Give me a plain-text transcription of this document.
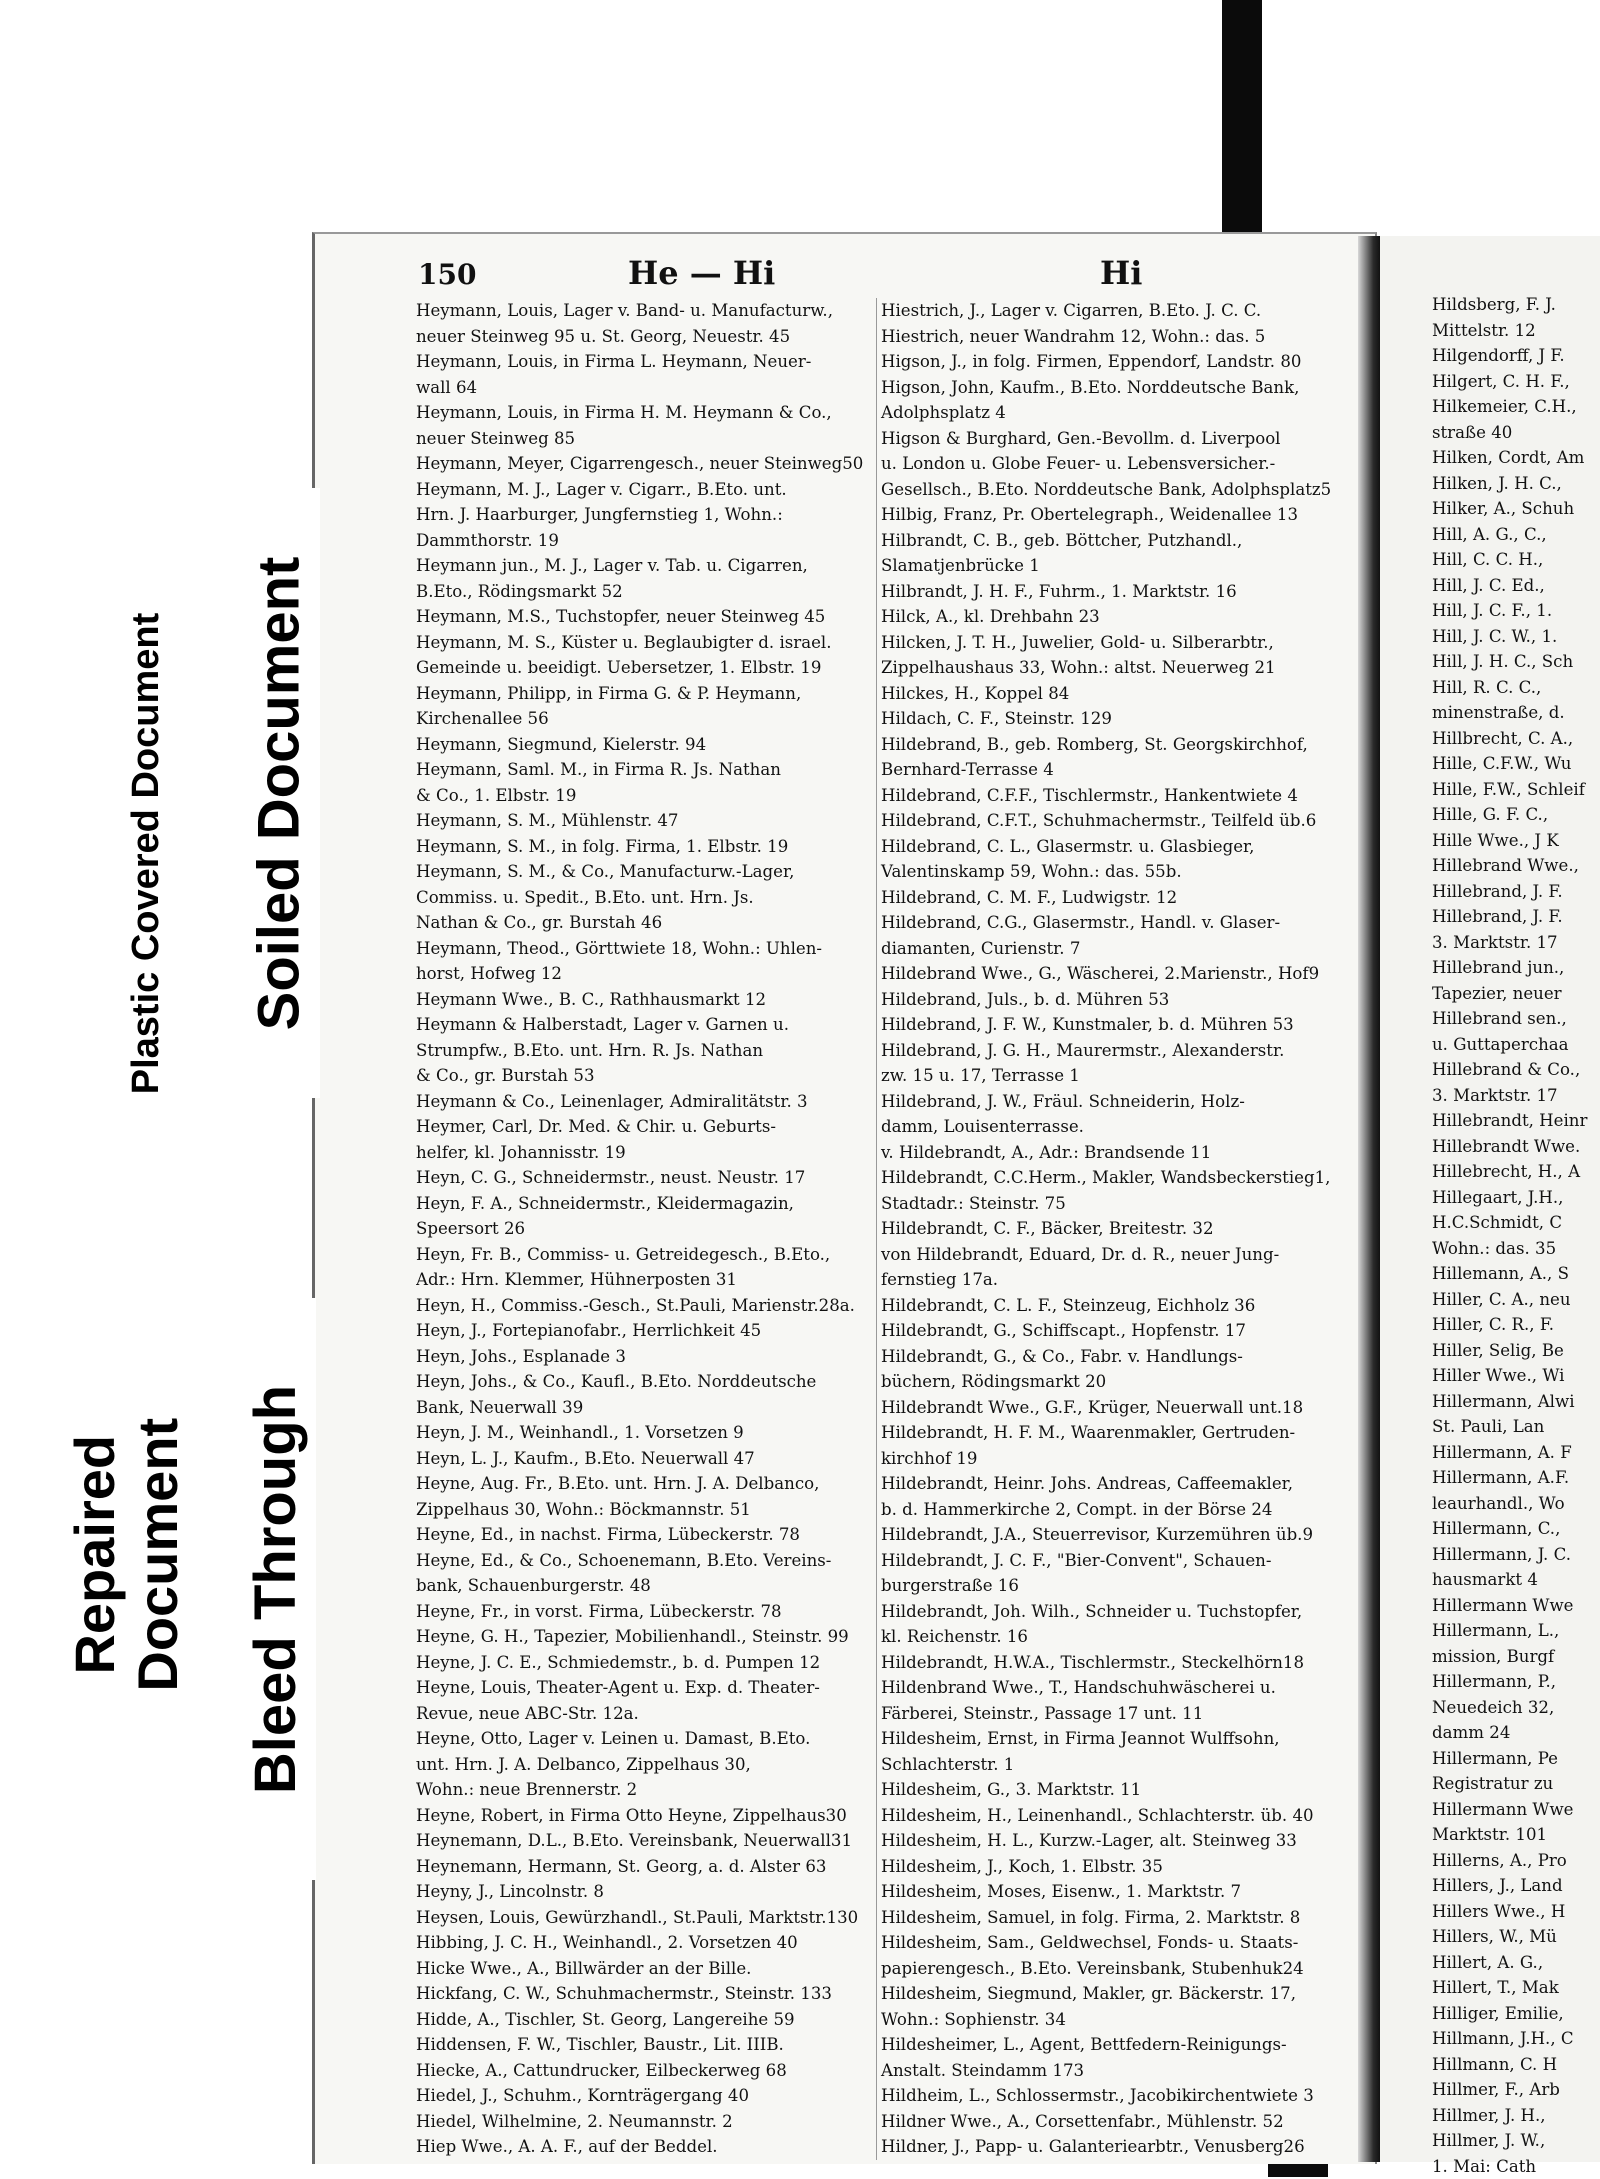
Plastic Covered Document Soiled Document
Repaired
Document Bleed Through
150	He — Hi	Hi
Heymann, Louis, Lager v. Band- u. Manufacturw.,
neuer Steinweg 95 u. St. Georg, Neuestr. 45
Heymann, Louis, in Firma L. Heymann, Neuer-
wall 64
Heymann, Louis, in Firma H. M. Heymann & Co.,
neuer Steinweg 85
Heymann, Meyer, Cigarrengesch., neuer Steinweg50
Heymann, M. J., Lager v. Cigarr., B.Eto. unt.
Hrn. J. Haarburger, Jungfernstieg 1, Wohn.:
Dammthorstr. 19
Heymann jun., M. J., Lager v. Tab. u. Cigarren,
B.Eto., Rödingsmarkt 52
Heymann, M.S., Tuchstopfer, neuer Steinweg 45
Heymann, M. S., Küster u. Beglaubigter d. israel.
Gemeinde u. beeidigt. Uebersetzer, 1. Elbstr. 19
Heymann, Philipp, in Firma G. & P. Heymann,
Kirchenallee 56
Heymann, Siegmund, Kielerstr. 94
Heymann, Saml. M., in Firma R. Js. Nathan
& Co., 1. Elbstr. 19
Heymann, S. M., Mühlenstr. 47
Heymann, S. M., in folg. Firma, 1. Elbstr. 19
Heymann, S. M., & Co., Manufacturw.-Lager,
Commiss. u. Spedit., B.Eto. unt. Hrn. Js.
Nathan & Co., gr. Burstah 46
Heymann, Theod., Görttwiete 18, Wohn.: Uhlen-
horst, Hofweg 12
Heymann Wwe., B. C., Rathhausmarkt 12
Heymann & Halberstadt, Lager v. Garnen u.
Strumpfw., B.Eto. unt. Hrn. R. Js. Nathan
& Co., gr. Burstah 53
Heymann & Co., Leinenlager, Admiralitätstr. 3
Heymer, Carl, Dr. Med. & Chir. u. Geburts-
helfer, kl. Johannisstr. 19
Heyn, C. G., Schneidermstr., neust. Neustr. 17
Heyn, F. A., Schneidermstr., Kleidermagazin,
Speersort 26
Heyn, Fr. B., Commiss- u. Getreidegesch., B.Eto.,
Adr.: Hrn. Klemmer, Hühnerposten 31
Heyn, H., Commiss.-Gesch., St.Pauli, Marienstr.28a.
Heyn, J., Fortepianofabr., Herrlichkeit 45
Heyn, Johs., Esplanade 3
Heyn, Johs., & Co., Kaufl., B.Eto. Norddeutsche
Bank, Neuerwall 39
Heyn, J. M., Weinhandl., 1. Vorsetzen 9
Heyn, L. J., Kaufm., B.Eto. Neuerwall 47
Heyne, Aug. Fr., B.Eto. unt. Hrn. J. A. Delbanco,
Zippelhaus 30, Wohn.: Böckmannstr. 51
Heyne, Ed., in nachst. Firma, Lübeckerstr. 78
Heyne, Ed., & Co., Schoenemann, B.Eto. Vereins-
bank, Schauenburgerstr. 48
Heyne, Fr., in vorst. Firma, Lübeckerstr. 78
Heyne, G. H., Tapezier, Mobilienhandl., Steinstr. 99
Heyne, J. C. E., Schmiedemstr., b. d. Pumpen 12
Heyne, Louis, Theater-Agent u. Exp. d. Theater-
Revue, neue ABC-Str. 12a.
Heyne, Otto, Lager v. Leinen u. Damast, B.Eto.
unt. Hrn. J. A. Delbanco, Zippelhaus 30,
Wohn.: neue Brennerstr. 2
Heyne, Robert, in Firma Otto Heyne, Zippelhaus30
Heynemann, D.L., B.Eto. Vereinsbank, Neuerwall31
Heynemann, Hermann, St. Georg, a. d. Alster 63
Heyny, J., Lincolnstr. 8
Heysen, Louis, Gewürzhandl., St.Pauli, Marktstr.130
Hibbing, J. C. H., Weinhandl., 2. Vorsetzen 40
Hicke Wwe., A., Billwärder an der Bille.
Hickfang, C. W., Schuhmachermstr., Steinstr. 133
Hidde, A., Tischler, St. Georg, Langereihe 59
Hiddensen, F. W., Tischler, Baustr., Lit. IIIB.
Hiecke, A., Cattundrucker, Eilbeckerweg 68
Hiedel, J., Schuhm., Kornträgergang 40
Hiedel, Wilhelmine, 2. Neumannstr. 2
Hiep Wwe., A. A. F., auf der Beddel.
Hiestrich, J., Lager v. Cigarren, B.Eto. J. C. C.
Hiestrich, neuer Wandrahm 12, Wohn.: das. 5
Higson, J., in folg. Firmen, Eppendorf, Landstr. 80
Higson, John, Kaufm., B.Eto. Norddeutsche Bank,
Adolphsplatz 4
Higson & Burghard, Gen.-Bevollm. d. Liverpool
u. London u. Globe Feuer- u. Lebensversicher.-
Gesellsch., B.Eto. Norddeutsche Bank, Adolphsplatz5
Hilbig, Franz, Pr. Obertelegraph., Weidenallee 13
Hilbrandt, C. B., geb. Böttcher, Putzhandl.,
Slamatjenbrücke 1
Hilbrandt, J. H. F., Fuhrm., 1. Marktstr. 16
Hilck, A., kl. Drehbahn 23
Hilcken, J. T. H., Juwelier, Gold- u. Silberarbtr.,
Zippelhaushaus 33, Wohn.: altst. Neuerweg 21
Hilckes, H., Koppel 84
Hildach, C. F., Steinstr. 129
Hildebrand, B., geb. Romberg, St. Georgskirchhof,
Bernhard-Terrasse 4
Hildebrand, C.F.F., Tischlermstr., Hankentwiete 4
Hildebrand, C.F.T., Schuhmachermstr., Teilfeld üb.6
Hildebrand, C. L., Glasermstr. u. Glasbieger,
Valentinskamp 59, Wohn.: das. 55b.
Hildebrand, C. M. F., Ludwigstr. 12
Hildebrand, C.G., Glasermstr., Handl. v. Glaser-
diamanten, Curienstr. 7
Hildebrand Wwe., G., Wäscherei, 2.Marienstr., Hof9
Hildebrand, Juls., b. d. Mühren 53
Hildebrand, J. F. W., Kunstmaler, b. d. Mühren 53
Hildebrand, J. G. H., Maurermstr., Alexanderstr.
zw. 15 u. 17, Terrasse 1
Hildebrand, J. W., Fräul. Schneiderin, Holz-
damm, Louisenterrasse.
v. Hildebrandt, A., Adr.: Brandsende 11
Hildebrandt, C.C.Herm., Makler, Wandsbeckerstieg1,
Stadtadr.: Steinstr. 75
Hildebrandt, C. F., Bäcker, Breitestr. 32
von Hildebrandt, Eduard, Dr. d. R., neuer Jung-
fernstieg 17a.
Hildebrandt, C. L. F., Steinzeug, Eichholz 36
Hildebrandt, G., Schiffscapt., Hopfenstr. 17
Hildebrandt, G., & Co., Fabr. v. Handlungs-
büchern, Rödingsmarkt 20
Hildebrandt Wwe., G.F., Krüger, Neuerwall unt.18
Hildebrandt, H. F. M., Waarenmakler, Gertruden-
kirchhof 19
Hildebrandt, Heinr. Johs. Andreas, Caffeemakler,
b. d. Hammerkirche 2, Compt. in der Börse 24
Hildebrandt, J.A., Steuerrevisor, Kurzemühren üb.9
Hildebrandt, J. C. F., "Bier-Convent", Schauen-
burgerstraße 16
Hildebrandt, Joh. Wilh., Schneider u. Tuchstopfer,
kl. Reichenstr. 16
Hildebrandt, H.W.A., Tischlermstr., Steckelhörn18
Hildenbrand Wwe., T., Handschuhwäscherei u.
Färberei, Steinstr., Passage 17 unt. 11
Hildesheim, Ernst, in Firma Jeannot Wulffsohn,
Schlachterstr. 1
Hildesheim, G., 3. Marktstr. 11
Hildesheim, H., Leinenhandl., Schlachterstr. üb. 40
Hildesheim, H. L., Kurzw.-Lager, alt. Steinweg 33
Hildesheim, J., Koch, 1. Elbstr. 35
Hildesheim, Moses, Eisenw., 1. Marktstr. 7
Hildesheim, Samuel, in folg. Firma, 2. Marktstr. 8
Hildesheim, Sam., Geldwechsel, Fonds- u. Staats-
papierengesch., B.Eto. Vereinsbank, Stubenhuk24
Hildesheim, Siegmund, Makler, gr. Bäckerstr. 17,
Wohn.: Sophienstr. 34
Hildesheimer, L., Agent, Bettfedern-Reinigungs-
Anstalt. Steindamm 173
Hildheim, L., Schlossermstr., Jacobikirchentwiete 3
Hildner Wwe., A., Corsettenfabr., Mühlenstr. 52
Hildner, J., Papp- u. Galanteriearbtr., Venusberg26
Hildsberg, F. J.
Mittelstr. 12
Hilgendorff, J F.
Hilgert, C. H. F.,
Hilkemeier, C.H.,
straße 40
Hilken, Cordt, Am
Hilken, J. H. C.,
Hilker, A., Schuh
Hill, A. G., C.,
Hill, C. C. H.,
Hill, J. C. Ed.,
Hill, J. C. F., 1.
Hill, J. C. W., 1.
Hill, J. H. C., Sch
Hill, R. C. C.,
minenstraße, d.
Hillbrecht, C. A.,
Hille, C.F.W., Wu
Hille, F.W., Schleif
Hille, G. F. C.,
Hille Wwe., J K
Hillebrand Wwe.,
Hillebrand, J. F.
Hillebrand, J. F.
3. Marktstr. 17
Hillebrand jun.,
Tapezier, neuer
Hillebrand sen.,
u. Guttaperchaa
Hillebrand & Co.,
3. Marktstr. 17
Hillebrandt, Heinr
Hillebrandt Wwe.
Hillebrecht, H., A
Hillegaart, J.H.,
H.C.Schmidt, C
Wohn.: das. 35
Hillemann, A., S
Hiller, C. A., neu
Hiller, C. R., F.
Hiller, Selig, Be
Hiller Wwe., Wi
Hillermann, Alwi
St. Pauli, Lan
Hillermann, A. F
Hillermann, A.F.
leaurhandl., Wo
Hillermann, C.,
Hillermann, J. C.
hausmarkt 4
Hillermann Wwe
Hillermann, L.,
mission, Burgf
Hillermann, P.,
Neuedeich 32,
damm 24
Hillermann, Pe
Registratur zu
Hillermann Wwe
Marktstr. 101
Hillerns, A., Pro
Hillers, J., Land
Hillers Wwe., H
Hillers, W., Mü
Hillert, A. G.,
Hillert, T., Mak
Hilliger, Emilie,
Hillmann, J.H., C
Hillmann, C. H
Hillmer, F., Arb
Hillmer, J. H.,
Hillmer, J. W.,
1. Mai: Cath
